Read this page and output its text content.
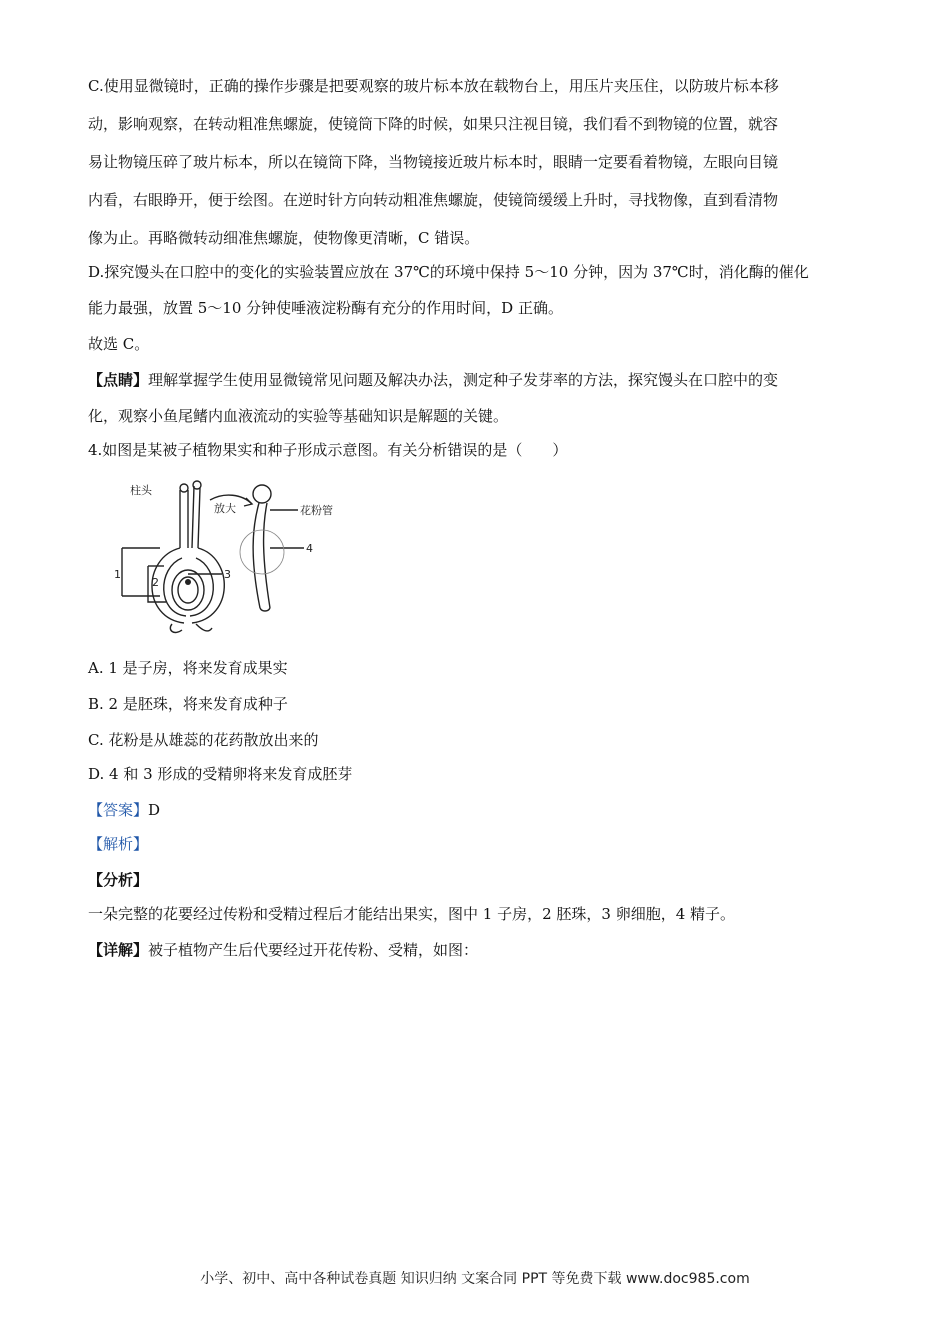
C.使用显微镜时，正确的操作步骤是把要观察的玻片标本放在载物台上，用压片夹压住，以防玻片标本移
动，影响观察，在转动粗准焦螺旋，使镜筒下降的时候，如果只注视目镜，我们看不到物镜的位置，就容
易让物镜压碎了玻片标本，所以在镜筒下降，当物镜接近玻片标本时，眼睛一定要看着物镜，左眼向目镜
内看，右眼睁开，便于绘图。在逆时针方向转动粗准焦螺旋，使镜筒缓缓上升时，寻找物像，直到看清物
像为止。再略微转动细准焦螺旋，使物像更清晰，C 错误。
D.探究馒头在口腔中的变化的实验装置应放在 37℃的环境中保持 5～10 分钟，因为 37℃时，消化酶的催化
能力最强，放置 5～10 分钟使唾液淀粉酶有充分的作用时间，D 正确。
故选 C。
【点睛】理解掌握学生使用显微镜常见问题及解决办法，测定种子发芽率的方法，探究馒头在口腔中的变
化，观察小鱼尾鳍内血液流动的实验等基础知识是解题的关键。
4.如图是某被子植物果实和种子形成示意图。有关分析错误的是（　　）
柱头
放大	花粉管
1
2
3
4
A. 1 是子房，将来发育成果实
B. 2 是胚珠，将来发育成种子
C. 花粉是从雄蕊的花药散放出来的
D. 4 和 3 形成的受精卵将来发育成胚芽
【答案】D
【解析】
【分析】
一朵完整的花要经过传粉和受精过程后才能结出果实，图中 1 子房，2 胚珠，3 卵细胞，4 精子。
【详解】被子植物产生后代要经过开花传粉、受精，如图：
小学、初中、高中各种试卷真题 知识归纳 文案合同 PPT 等免费下载 www.doc985.com
